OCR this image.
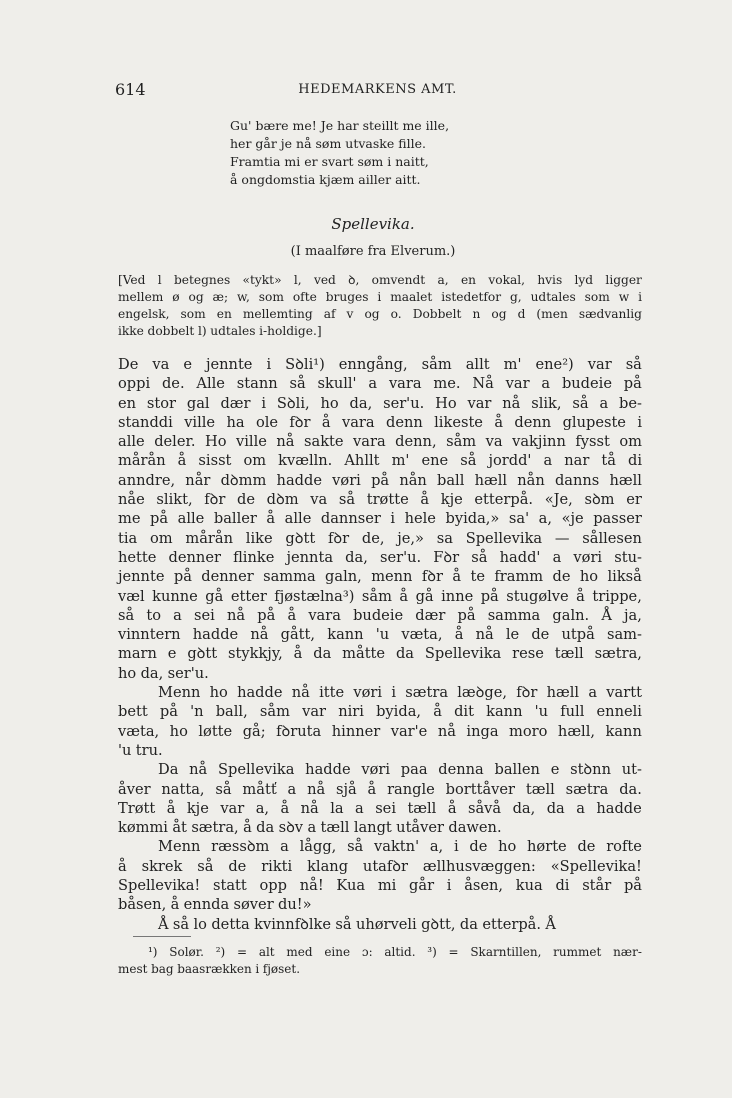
614	HEDEMARKENS AMT.
Gu' bære me! Je har steillt me ille,
her går je nå søm utvaske fille.
Framtia mi er svart søm i naitt,
å ongdomstia kjæm ailler aitt.
Spellevika.
(I maalføre fra Elverum.)
[Ved l betegnes «tykt» l, ved ꝺ, omvendt a, en vokal, hvis lyd ligger
mellem ø og æ; w, som ofte bruges i maalet istedetfor g, udtales som w i
engelsk, som en mellemting af v og o. Dobbelt n og d (men sædvanlig
ikke dobbelt l) udtales i-holdige.]
De va e jennte i Sꝺli¹) enngång, såm allt m' ene²) var så
oppi de. Alle stann så skull' a vara me. Nå var a budeie på
en stor gal dær i Sꝺli, ho da, ser'u. Ho var nå slik, så a be-
standdi ville ha ole fꝺr å vara denn likeste å denn glupeste i
alle deler. Ho ville nå sakte vara denn, såm va vakjinn fysst om
mårån å sisst om kvælln. Ahllt m' ene så jordd' a nar tå di
anndre, når dꝺmm hadde vøri på nån ball hæll nån danns hæll
nåe slikt, fꝺr de dꝺm va så trøtte å kje etterpå. «Je, sꝺm er
me på alle baller å alle dannser i hele byida,» sa' a, «je passer
tia om mårån like gꝺtt fꝺr de, je,» sa Spellevika — sållesen
hette denner flinke jennta da, ser'u. Fꝺr så hadd' a vøri stu-
jennte på denner samma galn, menn fꝺr å te framm de ho likså
væl kunne gå etter fjøstælna³) såm å gå inne på stugølve å trippe,
så to a sei nå på å vara budeie dær på samma galn. Å ja,
vinntern hadde nå gått, kann 'u væta, å nå le de utpå sam-
marn e gꝺtt stykkjy, å da måtte da Spellevika rese tæll sætra,
ho da, ser'u.
Menn ho hadde nå itte vøri i sætra læꝺge, fꝺr hæll a vartt
bett på 'n ball, såm var niri byida, å dit kann 'u full enneli
væta, ho løtte gå; fꝺruta hinner var'e nå inga moro hæll, kann
'u tru.
Da nå Spellevika hadde vøri paa denna ballen e stꝺnn ut-
åver natta, så måtť a nå sjå å rangle borttåver tæll sætra da.
Trøtt å kje var a, å nå la a sei tæll å såvå da, da a hadde
kømmi åt sætra, å da sꝺv a tæll langt utåver dawen.
Menn ræssꝺm a lågg, så vaktn' a, i de ho hørte de rofte
å skrek så de rikti klang utafꝺr ællhusvæggen: «Spellevika!
Spellevika! statt opp nå! Kua mi går i åsen, kua di står på
båsen, å ennda søver du!»
Å så lo detta kvinnfꝺlke så uhørveli gꝺtt, da etterpå. Å
¹) Solør. ²) = alt med eine ɔ: altid. ³) = Skarntillen, rummet nær-
mest bag baasrækken i fjøset.
